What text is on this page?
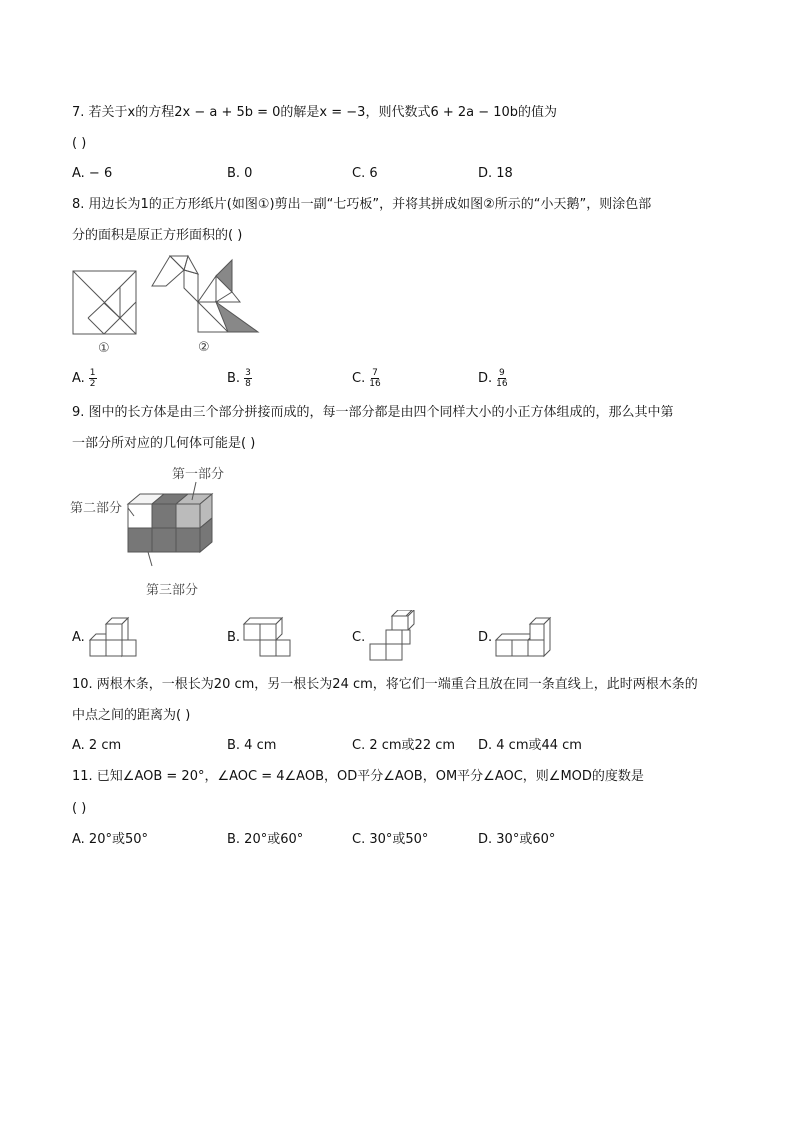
7. 若关于x的方程2x − a + 5b = 0的解是x = −3，则代数式6 + 2a − 10b的值为
( )
A. − 6	B. 0	C. 6	D. 18
8. 用边长为1的正方形纸片(如图①)剪出一副“七巧板”，并将其拼成如图②所示的“小天鹅”，则涂色部
分的面积是原正方形面积的( )
①	②
A. $\frac{1}{2}$	B. $\frac{3}{8}$	C. $\frac{7}{16}$	D. $\frac{9}{16}$
9. 图中的长方体是由三个部分拼接而成的，每一部分都是由四个同样大小的小正方体组成的，那么其中第
一部分所对应的几何体可能是( )
第一部分
第二部分
第三部分
A.	B.	C.	D.
10. 两根木条，一根长为20 cm，另一根长为24 cm，将它们一端重合且放在同一条直线上，此时两根木条的
中点之间的距离为( )
A. 2 cm	B. 4 cm	C. 2 cm或22 cm D. 4 cm或44 cm
11. 已知∠AOB = 20°，∠AOC = 4∠AOB，OD平分∠AOB，OM平分∠AOC，则∠MOD的度数是
( )
A. 20°或50°	B. 20°或60°	C. 30°或50°	D. 30°或60°
